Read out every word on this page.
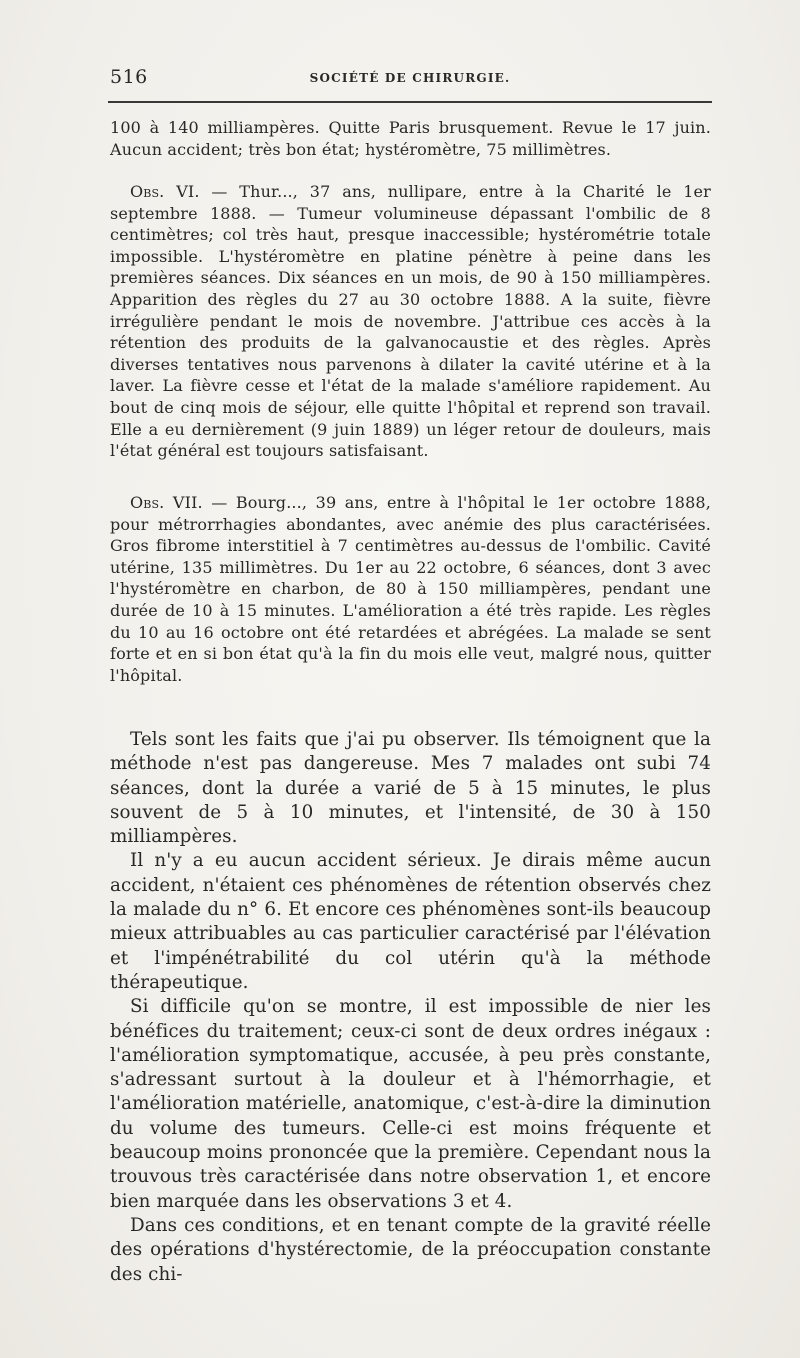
516	SOCIÉTÉ DE CHIRURGIE.

100 à 140 milliampères. Quitte Paris brusquement. Revue le 17 juin. Aucun accident; très bon état; hystéromètre, 75 millimètres.

Obs. VI. — Thur..., 37 ans, nullipare, entre à la Charité le 1er septembre 1888. — Tumeur volumineuse dépassant l'ombilic de 8 centimètres; col très haut, presque inaccessible; hystérométrie totale impossible. L'hystéromètre en platine pénètre à peine dans les premières séances. Dix séances en un mois, de 90 à 150 milliampères. Apparition des règles du 27 au 30 octobre 1888. A la suite, fièvre irrégulière pendant le mois de novembre. J'attribue ces accès à la rétention des produits de la galvanocaustie et des règles. Après diverses tentatives nous parvenons à dilater la cavité utérine et à la laver. La fièvre cesse et l'état de la malade s'améliore rapidement. Au bout de cinq mois de séjour, elle quitte l'hôpital et reprend son travail. Elle a eu dernièrement (9 juin 1889) un léger retour de douleurs, mais l'état général est toujours satisfaisant.

Obs. VII. — Bourg..., 39 ans, entre à l'hôpital le 1er octobre 1888, pour métrorrhagies abondantes, avec anémie des plus caractérisées. Gros fibrome interstitiel à 7 centimètres au-dessus de l'ombilic. Cavité utérine, 135 millimètres. Du 1er au 22 octobre, 6 séances, dont 3 avec l'hystéromètre en charbon, de 80 à 150 milliampères, pendant une durée de 10 à 15 minutes. L'amélioration a été très rapide. Les règles du 10 au 16 octobre ont été retardées et abrégées. La malade se sent forte et en si bon état qu'à la fin du mois elle veut, malgré nous, quitter l'hôpital.

Tels sont les faits que j'ai pu observer. Ils témoignent que la méthode n'est pas dangereuse. Mes 7 malades ont subi 74 séances, dont la durée a varié de 5 à 15 minutes, le plus souvent de 5 à 10 minutes, et l'intensité, de 30 à 150 milliampères.

Il n'y a eu aucun accident sérieux. Je dirais même aucun accident, n'étaient ces phénomènes de rétention observés chez la malade du n° 6. Et encore ces phénomènes sont-ils beaucoup mieux attribuables au cas particulier caractérisé par l'élévation et l'impénétrabilité du col utérin qu'à la méthode thérapeutique.

Si difficile qu'on se montre, il est impossible de nier les bénéfices du traitement; ceux-ci sont de deux ordres inégaux : l'amélioration symptomatique, accusée, à peu près constante, s'adressant surtout à la douleur et à l'hémorrhagie, et l'amélioration matérielle, anatomique, c'est-à-dire la diminution du volume des tumeurs. Celle-ci est moins fréquente et beaucoup moins prononcée que la première. Cependant nous la trouvous très caractérisée dans notre observation 1, et encore bien marquée dans les observations 3 et 4.

Dans ces conditions, et en tenant compte de la gravité réelle des opérations d'hystérectomie, de la préoccupation constante des chi-
